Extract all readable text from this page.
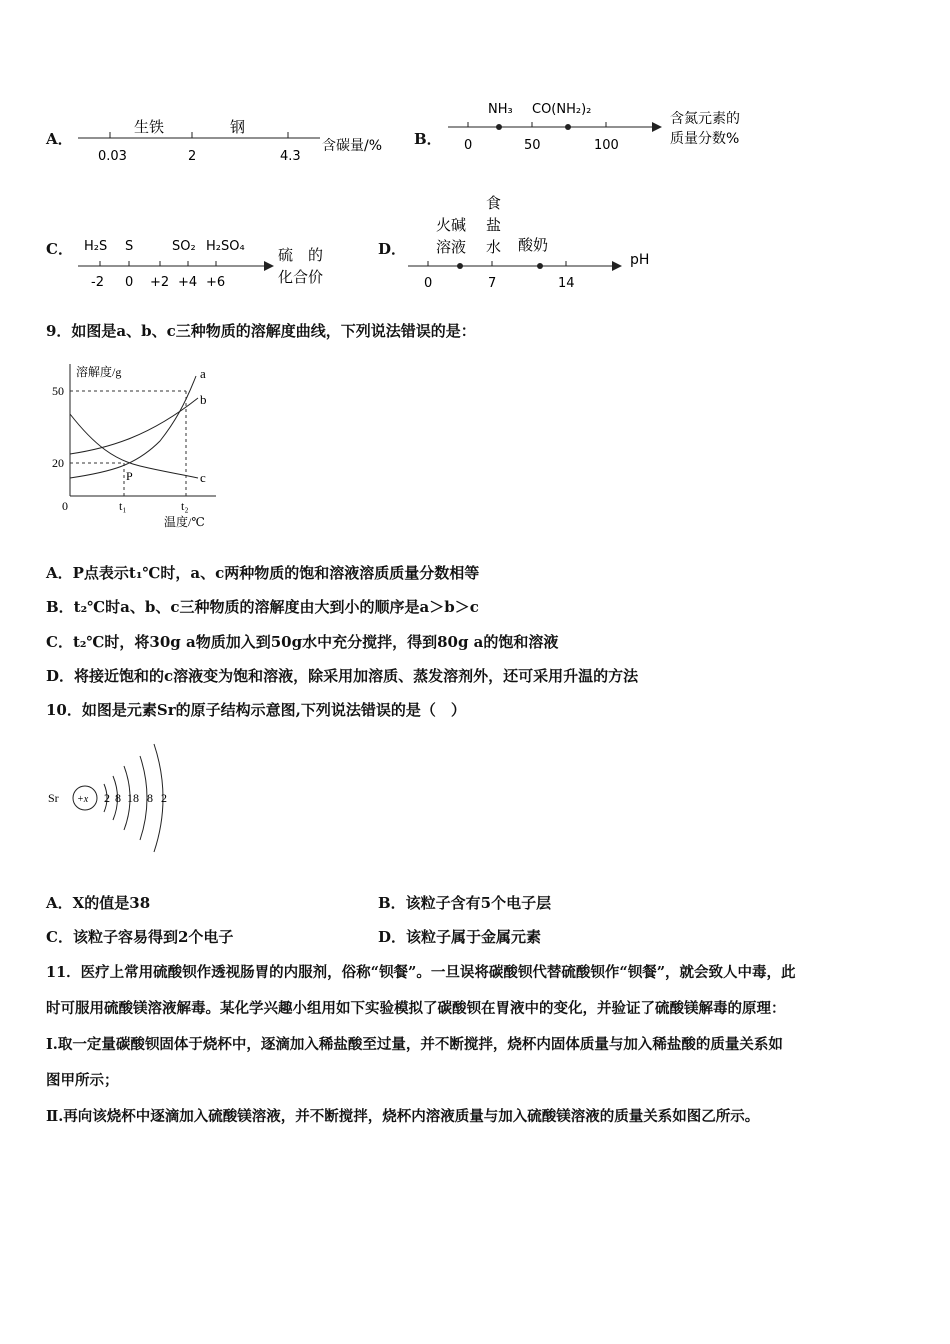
A．
生铁	钢
0.03	2	4.3
含碳量/% B．
NH₃ CO(NH₂)₂
0	50	100
含氮元素的
质量分数%
C． H₂S S	SO₂ H₂SO₄
-2 0 +2 +4 +6
硫　的
化合价
D．
火碱
溶液
食
盐
水 酸奶
0	7	14
pH
9．如图是a、b、c三种物质的溶解度曲线，下列说法错误的是：
溶解度/g
50
20
0	t₁	t₂
温度/℃
P
a
b
c
A．P点表示t₁℃时，a、c两种物质的饱和溶液溶质质量分数相等
B．t₂℃时a、b、c三种物质的溶解度由大到小的顺序是a＞b＞c
C．t₂℃时，将30g a物质加入到50g水中充分搅拌，得到80g a的饱和溶液
D．将接近饱和的c溶液变为饱和溶液，除采用加溶质、蒸发溶剂外，还可采用升温的方法
10．如图是元素Sr的原子结构示意图,下列说法错误的是（　）
Sr +x 2 8 18 8 2
A．X的值是38	B．该粒子含有5个电子层
C．该粒子容易得到2个电子	D．该粒子属于金属元素
11．医疗上常用硫酸钡作透视肠胃的内服剂，俗称“钡餐”。一旦误将碳酸钡代替硫酸钡作“钡餐”，就会致人中毒，此
时可服用硫酸镁溶液解毒。某化学兴趣小组用如下实验模拟了碳酸钡在胃液中的变化，并验证了硫酸镁解毒的原理：
Ⅰ.取一定量碳酸钡固体于烧杯中，逐滴加入稀盐酸至过量，并不断搅拌，烧杯内固体质量与加入稀盐酸的质量关系如
图甲所示；
Ⅱ.再向该烧杯中逐滴加入硫酸镁溶液，并不断搅拌，烧杯内溶液质量与加入硫酸镁溶液的质量关系如图乙所示。
